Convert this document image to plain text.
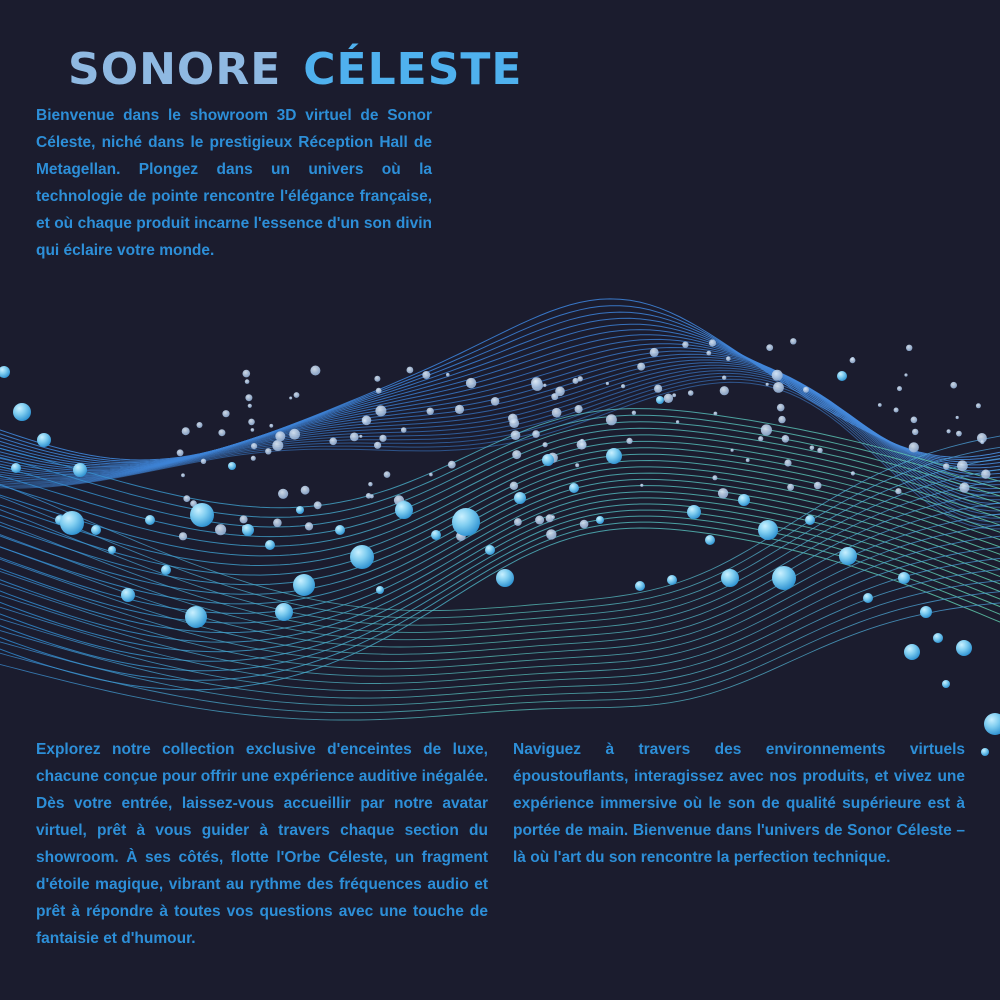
SONORE CÉLESTE

Bienvenue dans le showroom 3D virtuel de Sonor Céleste, niché dans le prestigieux Réception Hall de Metagellan. Plongez dans un univers où la technologie de pointe rencontre l'élégance française, et où chaque produit incarne l'essence d'un son divin qui éclaire votre monde.

Explorez notre collection exclusive d'enceintes de luxe, chacune conçue pour offrir une expérience auditive inégalée. Dès votre entrée, laissez-vous accueillir par notre avatar virtuel, prêt à vous guider à travers chaque section du showroom. À ses côtés, flotte l'Orbe Céleste, un fragment d'étoile magique, vibrant au rythme des fréquences audio et prêt à répondre à toutes vos questions avec une touche de fantaisie et d'humour.

Naviguez à travers des environnements virtuels époustouflants, interagissez avec nos produits, et vivez une expérience immersive où le son de qualité supérieure est à portée de main. Bienvenue dans l'univers de Sonor Céleste – là où l'art du son rencontre la perfection technique.
